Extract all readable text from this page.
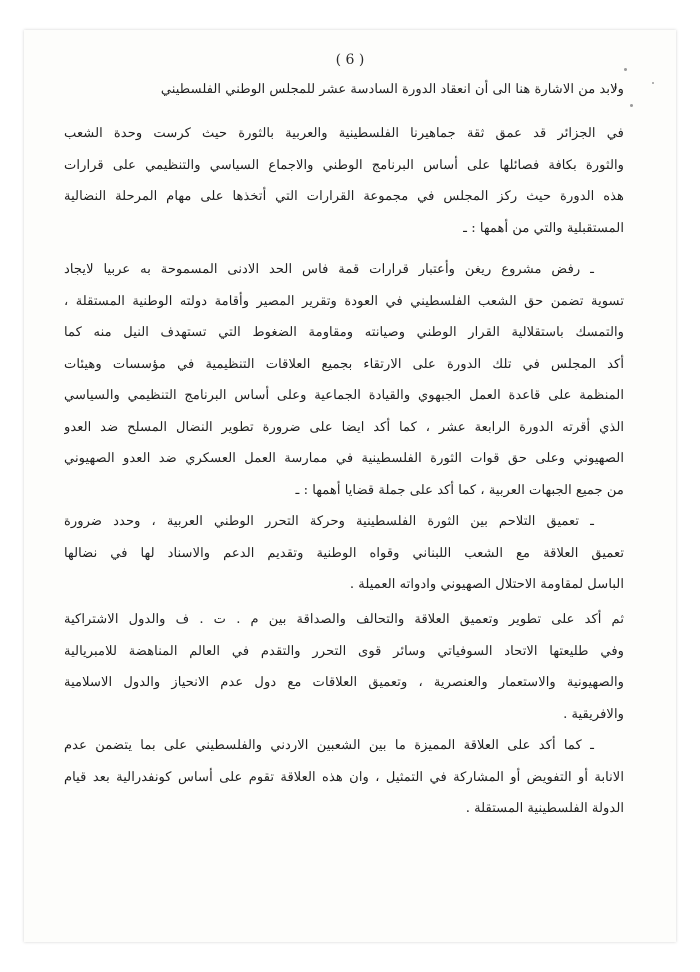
( 6 )
ولابد من الاشارة هنا الى أن انعقاد الدورة السادسة عشر للمجلس الوطني الفلسطيني
في الجزائر قد عمق ثقة جماهيرنا الفلسطينية والعربية بالثورة حيث كرست وحدة الشعب
والثورة بكافة فصائلها على أساس البرنامج الوطني والاجماع السياسي والتنظيمي على قرارات
هذه الدورة حيث ركز المجلس في مجموعة القرارات التي أتخذها على مهام المرحلة النضالية
المستقبلية والتي من أهمها : ـ
ـ رفض مشروع ريغن وأعتبار قرارات قمة فاس الحد الادنى المسموحة به عربيا لايجاد
تسوية تضمن حق الشعب الفلسطيني في العودة وتقرير المصير وأقامة دولته الوطنية المستقلة ،
والتمسك باستقلالية القرار الوطني وصيانته ومقاومة الضغوط التي تستهدف النيل منه كما
أكد المجلس في تلك الدورة على الارتقاء بجميع العلاقات التنظيمية في مؤسسات وهيئات
المنظمة على قاعدة العمل الجبهوي والقيادة الجماعية وعلى أساس البرنامج التنظيمي والسياسي
الذي أقرته الدورة الرابعة عشر ، كما أكد ايضا على ضرورة تطوير النضال المسلح ضد العدو
الصهيوني وعلى حق قوات الثورة الفلسطينية في ممارسة العمل العسكري ضد العدو الصهيوني
من جميع الجبهات العربية ، كما أكد على جملة قضايا أهمها : ـ
ـ تعميق التلاحم بين الثورة الفلسطينية وحركة التحرر الوطني العربية ، وحدد ضرورة
تعميق العلاقة مع الشعب اللبناني وقواه الوطنية وتقديم الدعم والاسناد لها في نضالها
الباسل لمقاومة الاحتلال الصهيوني وادواته العميلة .
ثم أكد على تطوير وتعميق العلاقة والتحالف والصداقة بين م . ت . ف والدول الاشتراكية
وفي طليعتها الاتحاد السوفياتي وسائر قوى التحرر والتقدم في العالم المناهضة للامبريالية
والصهيونية والاستعمار والعنصرية ، وتعميق العلاقات مع دول عدم الانحياز والدول الاسلامية
والافريقية .
ـ كما أكد على العلاقة المميزة ما بين الشعبين الاردني والفلسطيني على بما يتضمن عدم
الانابة أو التفويض أو المشاركة في التمثيل ، وان هذه العلاقة تقوم على أساس كونفدرالية بعد قيام
الدولة الفلسطينية المستقلة .
